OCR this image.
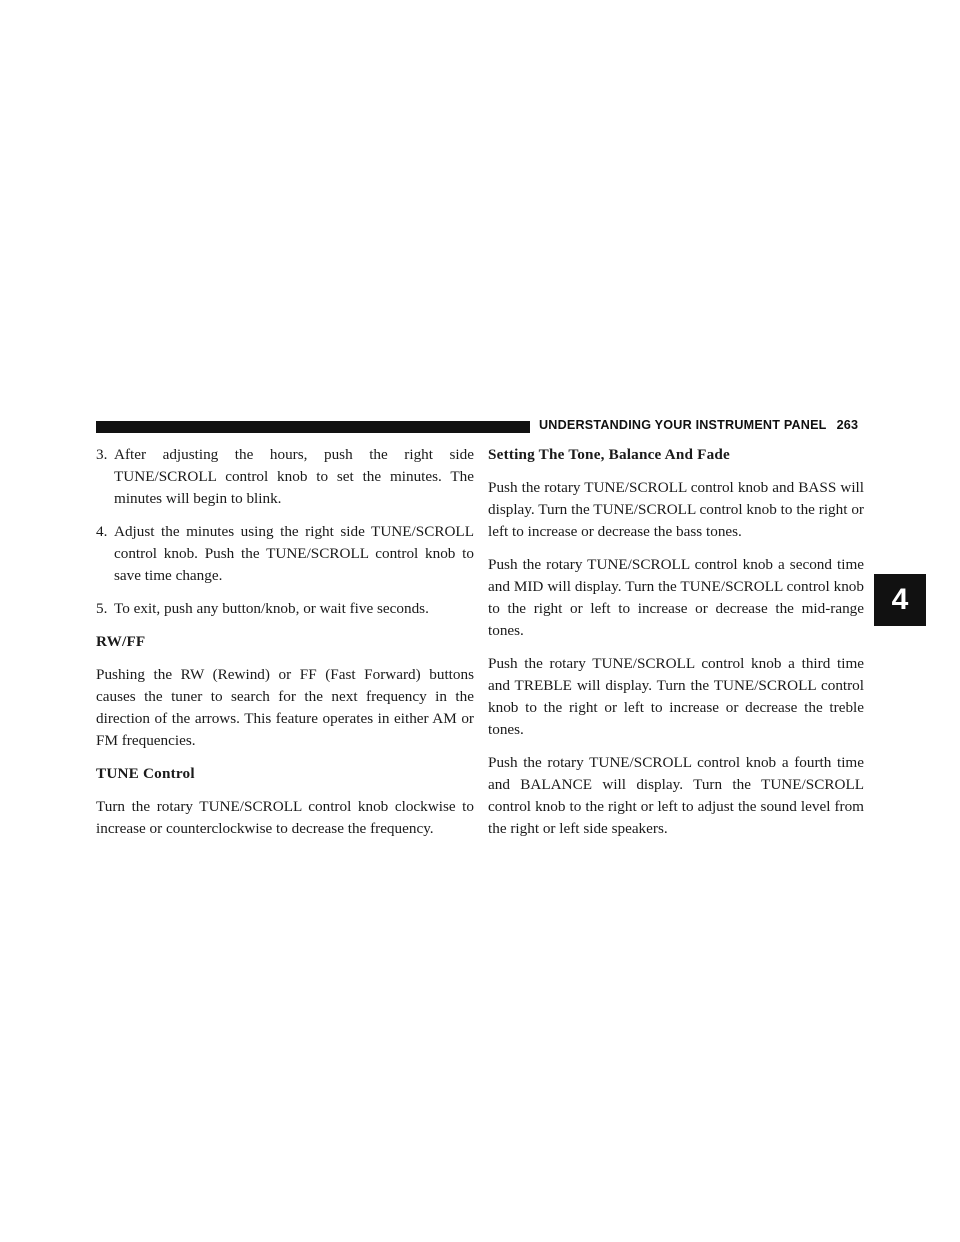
UNDERSTANDING YOUR INSTRUMENT PANEL 263
4
3. After adjusting the hours, push the right side TUNE/SCROLL control knob to set the minutes. The minutes will begin to blink.
4. Adjust the minutes using the right side TUNE/SCROLL control knob. Push the TUNE/SCROLL control knob to save time change.
5. To exit, push any button/knob, or wait five seconds.
RW/FF

Pushing the RW (Rewind) or FF (Fast Forward) buttons causes the tuner to search for the next frequency in the direction of the arrows. This feature operates in either AM or FM frequencies.

TUNE Control

Turn the rotary TUNE/SCROLL control knob clockwise to increase or counterclockwise to decrease the frequency.

Setting The Tone, Balance And Fade

Push the rotary TUNE/SCROLL control knob and BASS will display. Turn the TUNE/SCROLL control knob to the right or left to increase or decrease the bass tones.

Push the rotary TUNE/SCROLL control knob a second time and MID will display. Turn the TUNE/SCROLL control knob to the right or left to increase or decrease the mid-range tones.

Push the rotary TUNE/SCROLL control knob a third time and TREBLE will display. Turn the TUNE/SCROLL control knob to the right or left to increase or decrease the treble tones.

Push the rotary TUNE/SCROLL control knob a fourth time and BALANCE will display. Turn the TUNE/SCROLL control knob to the right or left to adjust the sound level from the right or left side speakers.
